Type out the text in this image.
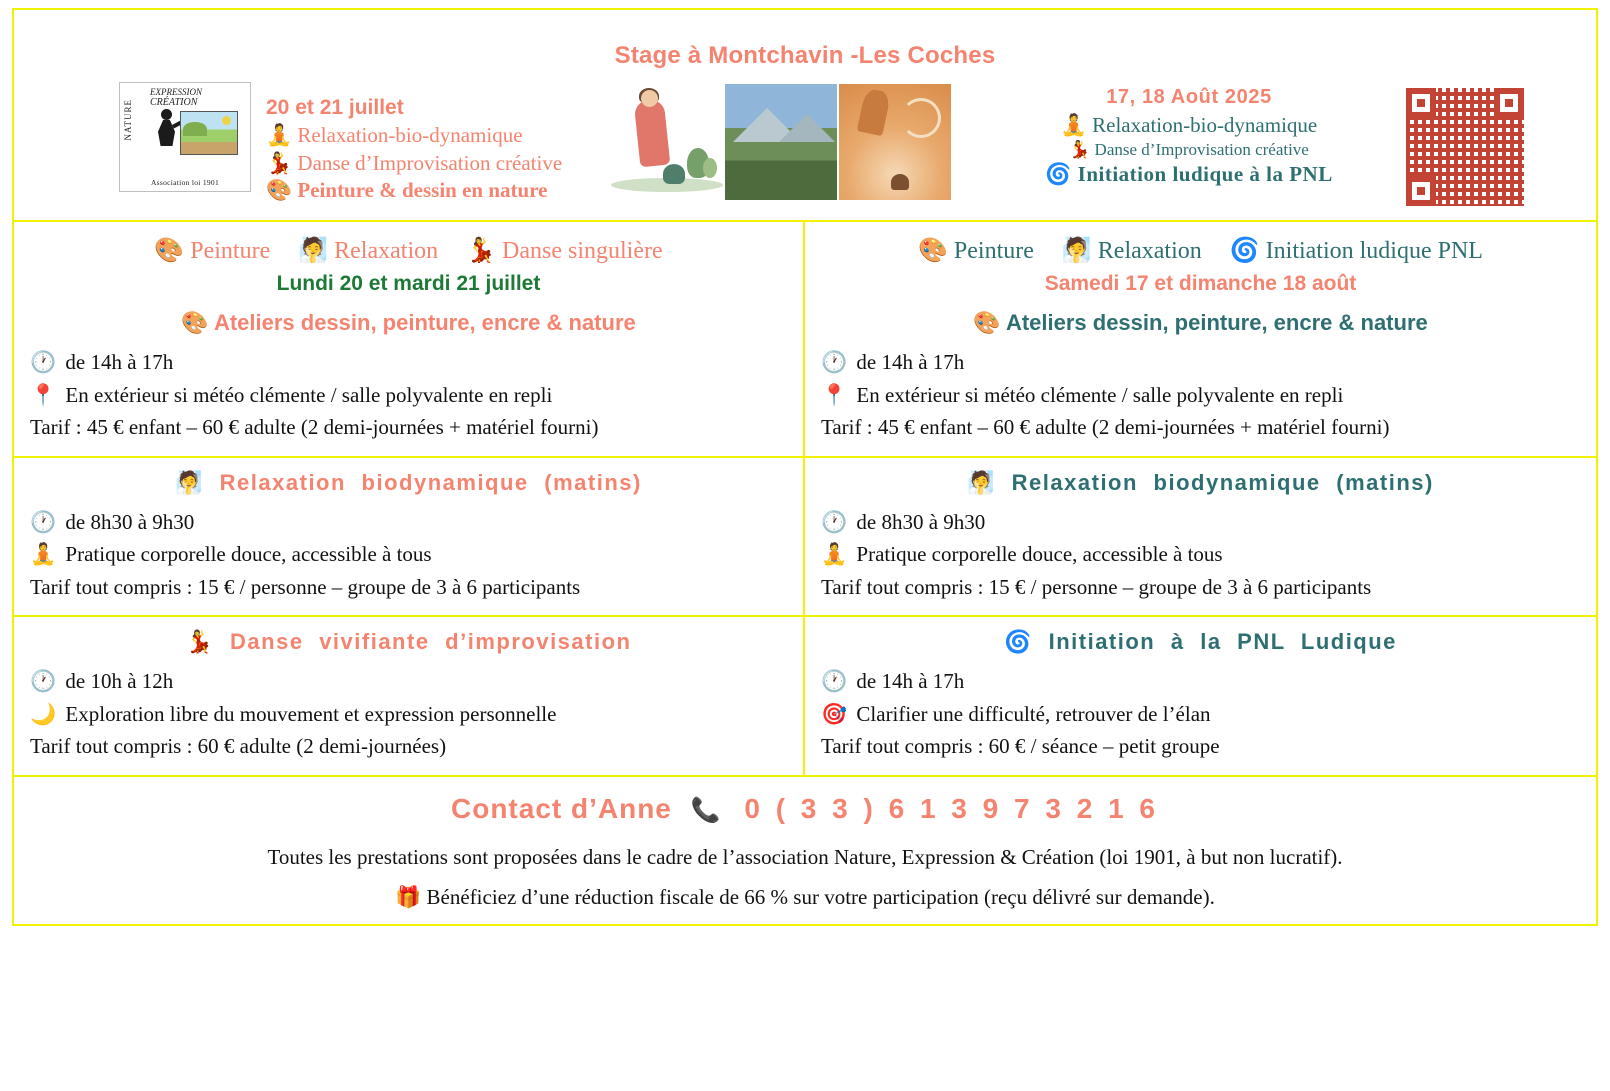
Stage à Montchavin -Les Coches
NATURE
EXPRESSION
CRÉATION
Association loi 1901
20 et 21 juillet
🧘 Relaxation-bio-dynamique
💃 Danse d’Improvisation créative
🎨 Peinture & dessin en nature
17, 18 Août 2025
🧘 Relaxation-bio-dynamique
💃 Danse d’Improvisation créative
🌀 Initiation ludique à la PNL
🎨 Peinture 🧖 Relaxation 💃 Danse singulière
Lundi 20 et mardi 21 juillet
🎨 Ateliers dessin, peinture, encre & nature
🕐 de 14h à 17h
📍 En extérieur si météo clémente / salle polyvalente en repli
Tarif : 45 € enfant – 60 € adulte (2 demi-journées + matériel fourni)
🎨 Peinture 🧖 Relaxation 🌀 Initiation ludique PNL
Samedi 17 et dimanche 18 août
🎨 Ateliers dessin, peinture, encre & nature
🕐 de 14h à 17h
📍 En extérieur si météo clémente / salle polyvalente en repli
Tarif : 45 € enfant – 60 € adulte (2 demi-journées + matériel fourni)
🧖 Relaxation biodynamique (matins)
🕐 de 8h30 à 9h30
🧘 Pratique corporelle douce, accessible à tous
Tarif tout compris : 15 € / personne – groupe de 3 à 6 participants
🧖 Relaxation biodynamique (matins)
🕐 de 8h30 à 9h30
🧘 Pratique corporelle douce, accessible à tous
Tarif tout compris : 15 € / personne – groupe de 3 à 6 participants
💃 Danse vivifiante d’improvisation
🕐 de 10h à 12h
🌙 Exploration libre du mouvement et expression personnelle
Tarif tout compris : 60 € adulte (2 demi-journées)
🌀 Initiation à la PNL Ludique
🕐 de 14h à 17h
🎯 Clarifier une difficulté, retrouver de l’élan
Tarif tout compris : 60 € / séance – petit groupe
Contact d’Anne 📞 0 ( 3 3 ) 6 1 3 9 7 3 2 1 6
Toutes les prestations sont proposées dans le cadre de l’association Nature, Expression & Création (loi 1901, à but non lucratif).
🎁 Bénéficiez d’une réduction fiscale de 66 % sur votre participation (reçu délivré sur demande).
